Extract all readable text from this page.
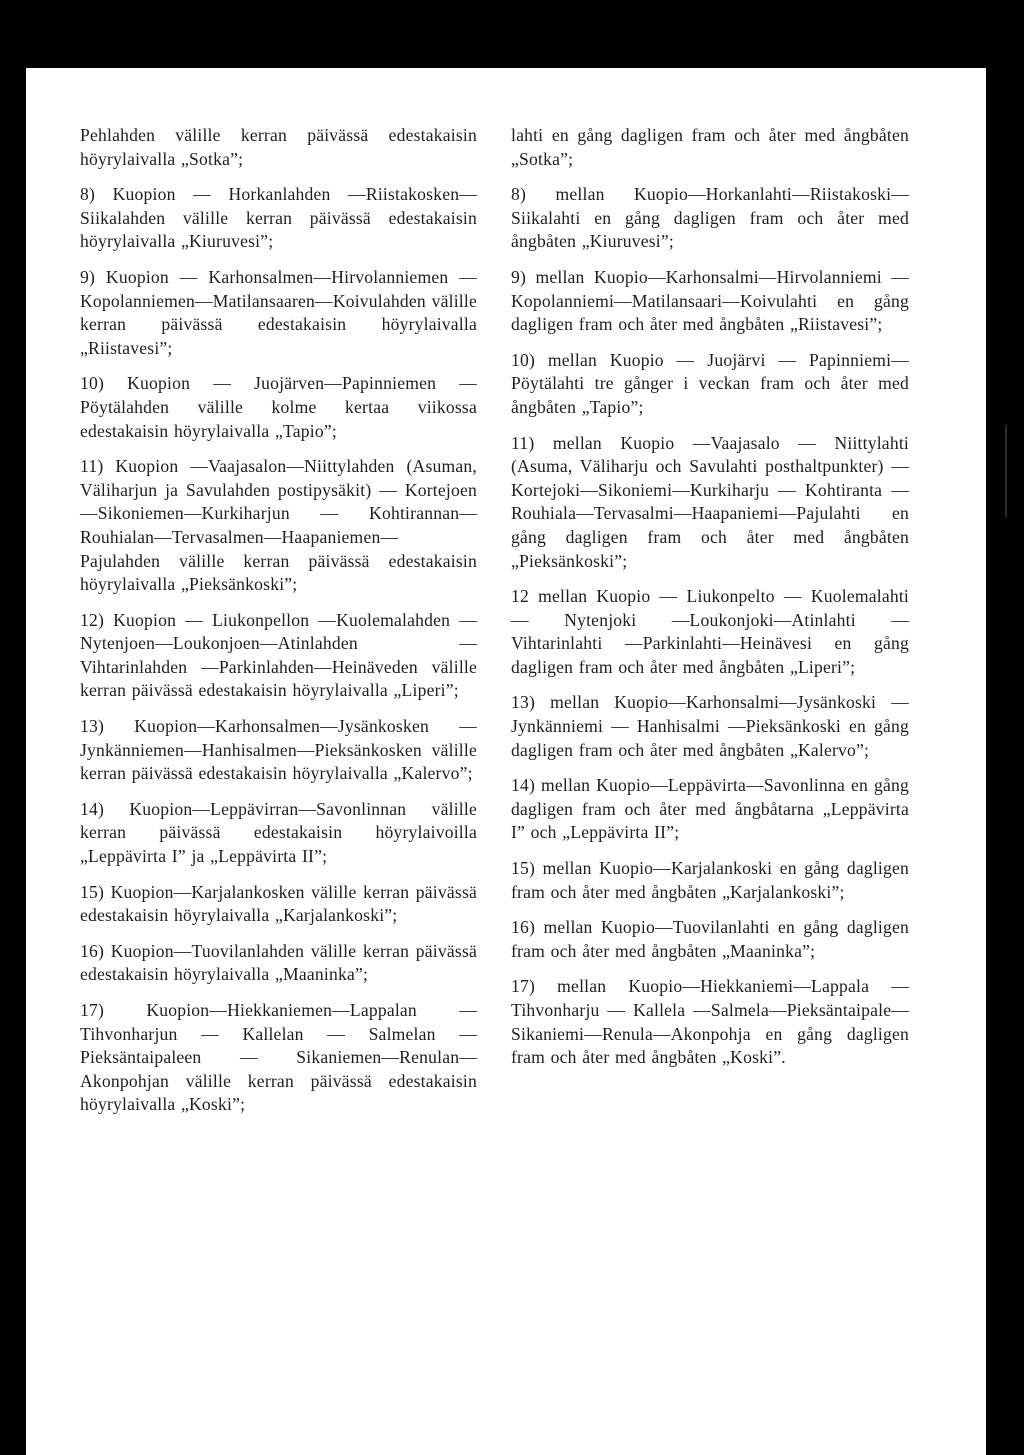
Pehlahden välille kerran päivässä edestakaisin höyrylaivalla „Sotka”;

8) Kuopion — Horkanlahden —Riistakosken—Siikalahden välille kerran päivässä edestakaisin höyrylaivalla „Kiuruvesi”;

9) Kuopion — Karhonsalmen—Hirvolanniemen — Kopolanniemen—Matilansaaren—Koivulahden välille kerran päivässä edestakaisin höyrylaivalla „Riistavesi”;

10) Kuopion — Juojärven—Papinniemen —Pöytälahden välille kolme kertaa viikossa edestakaisin höyrylaivalla „Tapio”;

11) Kuopion —Vaajasalon—Niittylahden (Asuman, Väliharjun ja Savulahden postipysäkit) — Kortejoen—Sikoniemen—Kurkiharjun — Kohtirannan—Rouhialan—Tervasalmen—Haapaniemen—Pajulahden välille kerran päivässä edestakaisin höyrylaivalla „Pieksänkoski”;

12) Kuopion — Liukonpellon —Kuolemalahden —Nytenjoen—Loukonjoen—Atinlahden —Vihtarinlahden —Parkinlahden—Heinäveden välille kerran päivässä edestakaisin höyrylaivalla „Liperi”;

13) Kuopion—Karhonsalmen—Jysänkosken — Jynkänniemen—Hanhisalmen—Pieksänkosken välille kerran päivässä edestakaisin höyrylaivalla „Kalervo”;

14) Kuopion—Leppävirran—Savonlinnan välille kerran päivässä edestakaisin höyrylaivoilla „Leppävirta I” ja „Leppävirta II”;

15) Kuopion—Karjalankosken välille kerran päivässä edestakaisin höyrylaivalla „Karjalankoski”;

16) Kuopion—Tuovilanlahden välille kerran päivässä edestakaisin höyrylaivalla „Maaninka”;

17) Kuopion—Hiekkaniemen—Lappalan — Tihvonharjun — Kallelan — Salmelan — Pieksäntaipaleen — Sikaniemen—Renulan—Akonpohjan välille kerran päivässä edestakaisin höyrylaivalla „Koski”;

lahti en gång dagligen fram och åter med ångbåten „Sotka”;

8) mellan Kuopio—Horkanlahti—Riistakoski—Siikalahti en gång dagligen fram och åter med ångbåten „Kiuruvesi”;

9) mellan Kuopio—Karhonsalmi—Hirvolanniemi —Kopolanniemi—Matilansaari—Koivulahti en gång dagligen fram och åter med ångbåten „Riistavesi”;

10) mellan Kuopio — Juojärvi — Papinniemi—Pöytälahti tre gånger i veckan fram och åter med ångbåten „Tapio”;

11) mellan Kuopio —Vaajasalo — Niittylahti (Asuma, Väliharju och Savulahti posthaltpunkter) — Kortejoki—Sikoniemi—Kurkiharju — Kohtiranta —Rouhiala—Tervasalmi—Haapaniemi—Pajulahti en gång dagligen fram och åter med ångbåten „Pieksänkoski”;

12 mellan Kuopio — Liukonpelto — Kuolemalahti — Nytenjoki —Loukonjoki—Atinlahti — Vihtarinlahti —Parkinlahti—Heinävesi en gång dagligen fram och åter med ångbåten „Liperi”;

13) mellan Kuopio—Karhonsalmi—Jysänkoski — Jynkänniemi — Hanhisalmi —Pieksänkoski en gång dagligen fram och åter med ångbåten „Kalervo”;

14) mellan Kuopio—Leppävirta—Savonlinna en gång dagligen fram och åter med ångbåtarna „Leppävirta I” och „Leppävirta II”;

15) mellan Kuopio—Karjalankoski en gång dagligen fram och åter med ångbåten „Karjalankoski”;

16) mellan Kuopio—Tuovilanlahti en gång dagligen fram och åter med ångbåten „Maaninka”;

17) mellan Kuopio—Hiekkaniemi—Lappala — Tihvonharju — Kallela —Salmela—Pieksäntaipale—Sikaniemi—Renula—Akonpohja en gång dagligen fram och åter med ångbåten „Koski”.
